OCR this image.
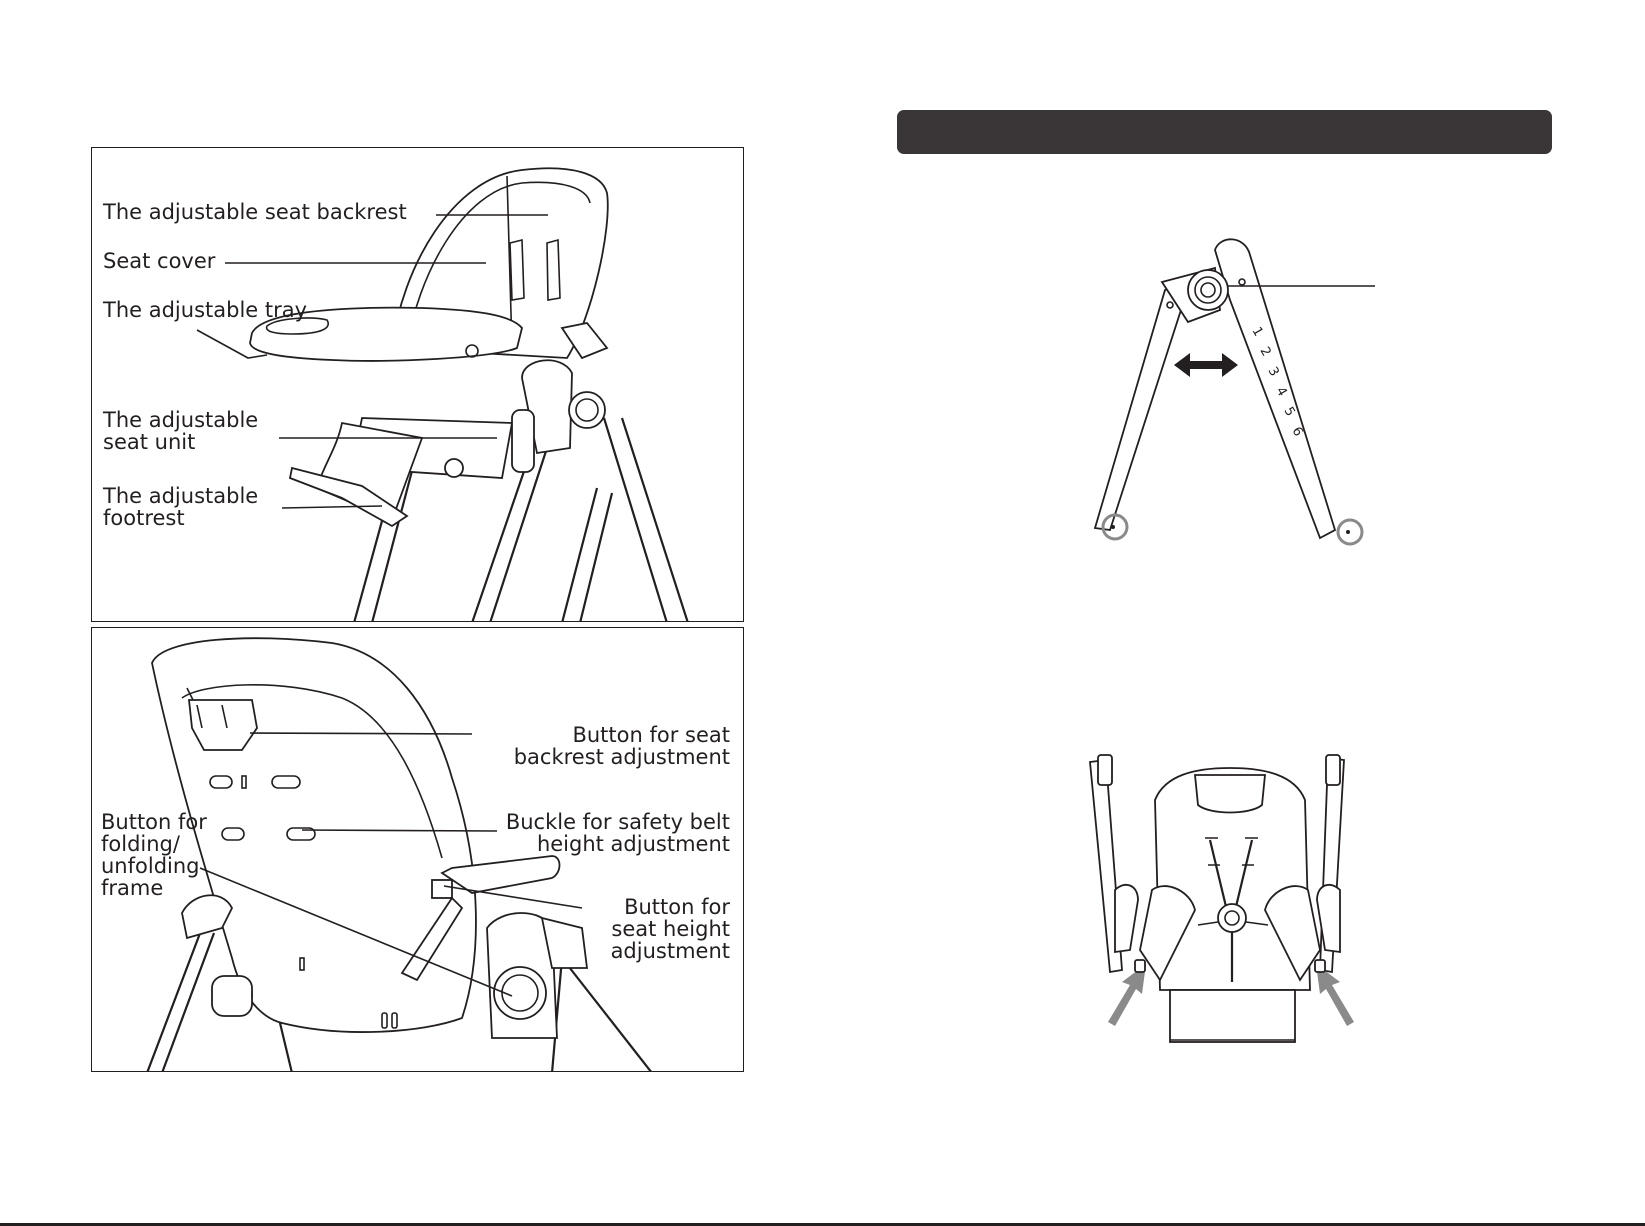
The adjustable seat backrest
Seat cover
The adjustable tray
The adjustable
seat unit
The adjustable
footrest
Button for seat
backrest adjustment
Buckle for safety belt
height adjustment
Button for
folding/
unfolding
frame
Button for
seat height
adjustment
1
2
3
4
5
6
